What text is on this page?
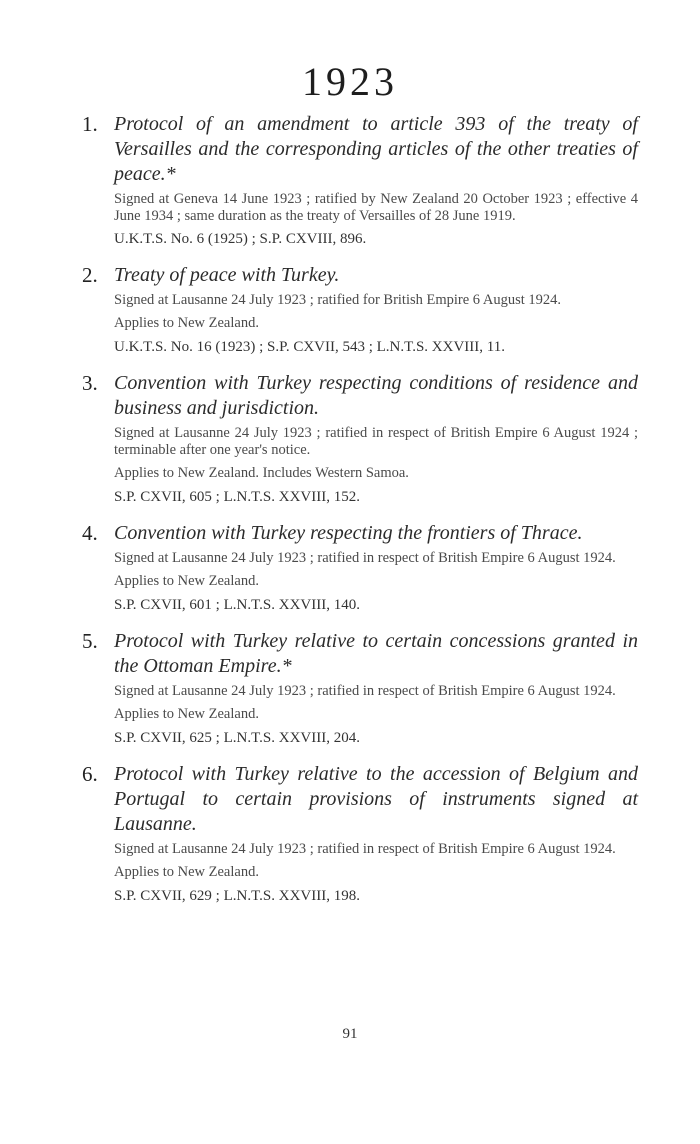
1923
1. Protocol of an amendment to article 393 of the treaty of Versailles and the corresponding articles of the other treaties of peace.*

Signed at Geneva 14 June 1923 ; ratified by New Zealand 20 October 1923 ; effective 4 June 1934 ; same duration as the treaty of Versailles of 28 June 1919.

U.K.T.S. No. 6 (1925) ; S.P. CXVIII, 896.

2. Treaty of peace with Turkey.

Signed at Lausanne 24 July 1923 ; ratified for British Empire 6 August 1924.

Applies to New Zealand.

U.K.T.S. No. 16 (1923) ; S.P. CXVII, 543 ; L.N.T.S. XXVIII, 11.

3. Convention with Turkey respecting conditions of residence and business and jurisdiction.

Signed at Lausanne 24 July 1923 ; ratified in respect of British Empire 6 August 1924 ; terminable after one year's notice.

Applies to New Zealand. Includes Western Samoa.

S.P. CXVII, 605 ; L.N.T.S. XXVIII, 152.

4. Convention with Turkey respecting the frontiers of Thrace.

Signed at Lausanne 24 July 1923 ; ratified in respect of British Empire 6 August 1924.

Applies to New Zealand.

S.P. CXVII, 601 ; L.N.T.S. XXVIII, 140.

5. Protocol with Turkey relative to certain concessions granted in the Ottoman Empire.*

Signed at Lausanne 24 July 1923 ; ratified in respect of British Empire 6 August 1924.

Applies to New Zealand.

S.P. CXVII, 625 ; L.N.T.S. XXVIII, 204.

6. Protocol with Turkey relative to the accession of Belgium and Portugal to certain provisions of instruments signed at Lausanne.

Signed at Lausanne 24 July 1923 ; ratified in respect of British Empire 6 August 1924.

Applies to New Zealand.

S.P. CXVII, 629 ; L.N.T.S. XXVIII, 198.

91
